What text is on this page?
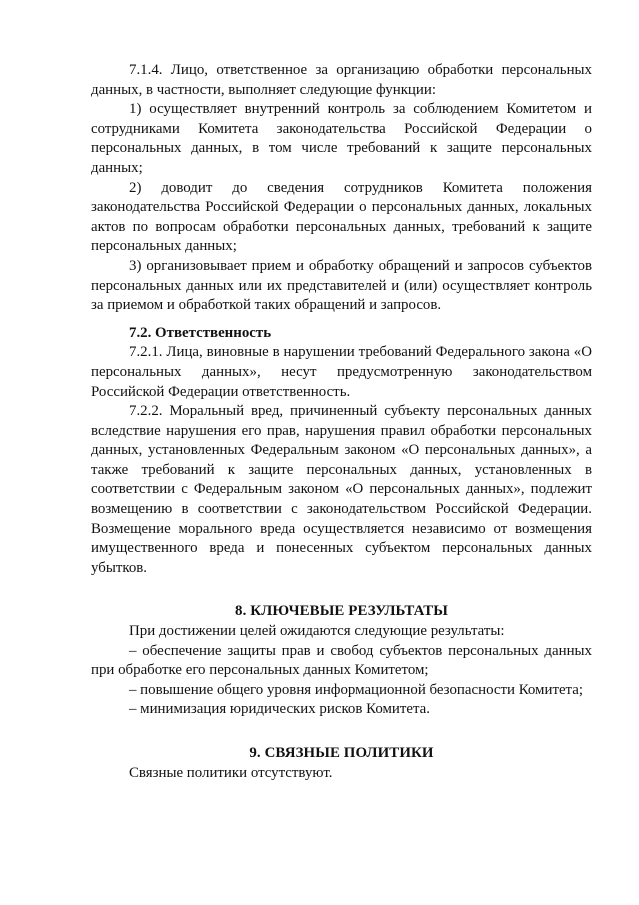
7.1.4. Лицо, ответственное за организацию обработки персональных данных, в частности, выполняет следующие функции:

1) осуществляет внутренний контроль за соблюдением Комитетом и сотрудниками Комитета законодательства Российской Федерации о персональных данных, в том числе требований к защите персональных данных;

2) доводит до сведения сотрудников Комитета положения законодательства Российской Федерации о персональных данных, локальных актов по вопросам обработки персональных данных, требований к защите персональных данных;

3) организовывает прием и обработку обращений и запросов субъектов персональных данных или их представителей и (или) осуществляет контроль за приемом и обработкой таких обращений и запросов.

7.2. Ответственность

7.2.1. Лица, виновные в нарушении требований Федерального закона «О персональных данных», несут предусмотренную законодательством Российской Федерации ответственность.

7.2.2. Моральный вред, причиненный субъекту персональных данных вследствие нарушения его прав, нарушения правил обработки персональных данных, установленных Федеральным законом «О персональных данных», а также требований к защите персональных данных, установленных в соответствии с Федеральным законом «О персональных данных», подлежит возмещению в соответствии с законодательством Российской Федерации. Возмещение морального вреда осуществляется независимо от возмещения имущественного вреда и понесенных субъектом персональных данных убытков.

8. КЛЮЧЕВЫЕ РЕЗУЛЬТАТЫ

При достижении целей ожидаются следующие результаты:

– обеспечение защиты прав и свобод субъектов персональных данных при обработке его персональных данных Комитетом;

– повышение общего уровня информационной безопасности Комитета;

– минимизация юридических рисков Комитета.

9. СВЯЗНЫЕ ПОЛИТИКИ

Связные политики отсутствуют.
